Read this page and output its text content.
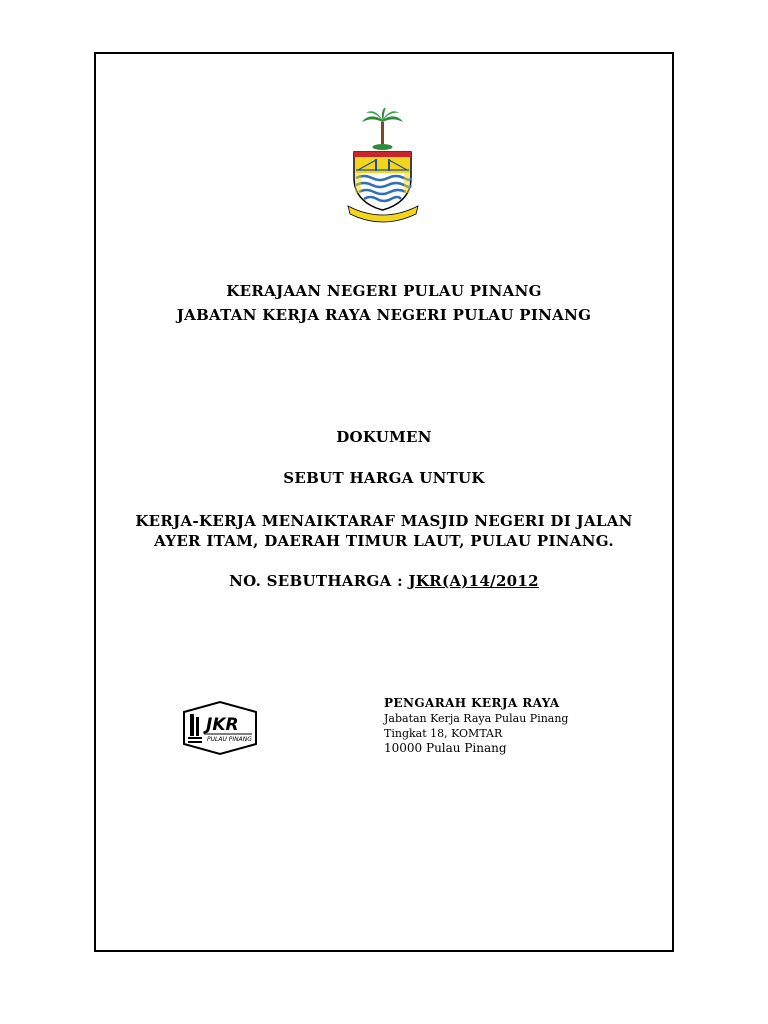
KERAJAAN NEGERI PULAU PINANG
JABATAN KERJA RAYA NEGERI PULAU PINANG
DOKUMEN
SEBUT HARGA UNTUK
KERJA-KERJA MENAIKTARAF MASJID NEGERI DI JALAN
AYER ITAM, DAERAH TIMUR LAUT, PULAU PINANG.
NO. SEBUTHARGA : JKR(A)14/2012
JKR
PULAU PINANG
PENGARAH KERJA RAYA
Jabatan Kerja Raya Pulau Pinang
Tingkat 18, KOMTAR
10000 Pulau Pinang
